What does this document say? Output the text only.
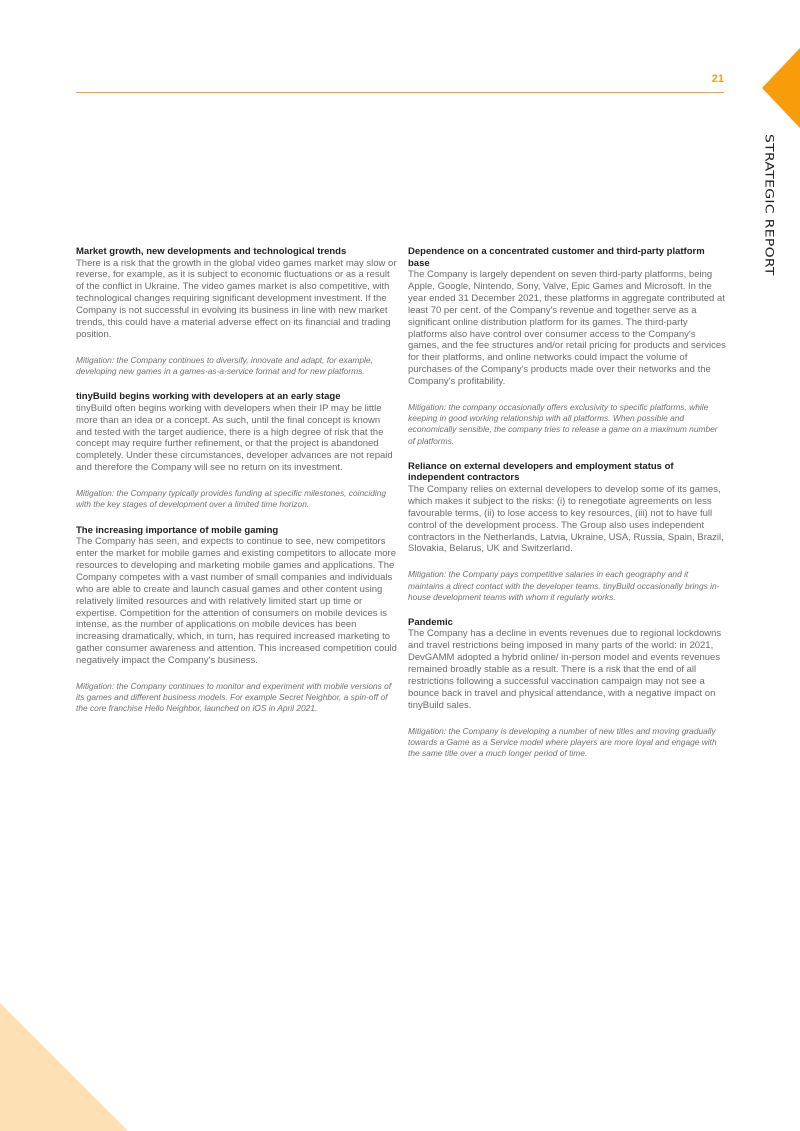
21
STRATEGIC REPORT
Market growth, new developments and technological trends

There is a risk that the growth in the global video games market may slow or reverse, for example, as it is subject to economic fluctuations or as a result of the conflict in Ukraine. The video games market is also competitive, with technological changes requiring significant development investment. If the Company is not successful in evolving its business in line with new market trends, this could have a material adverse effect on its financial and trading position.

Mitigation: the Company continues to diversify, innovate and adapt, for example, developing new games in a games-as-a-service format and for new platforms.

tinyBuild begins working with developers at an early stage

tinyBuild often begins working with developers when their IP may be little more than an idea or a concept. As such, until the final concept is known and tested with the target audience, there is a high degree of risk that the concept may require further refinement, or that the project is abandoned completely. Under these circumstances, developer advances are not repaid and therefore the Company will see no return on its investment.

Mitigation: the Company typically provides funding at specific milestones, coinciding with the key stages of development over a limited time horizon.

The increasing importance of mobile gaming

The Company has seen, and expects to continue to see, new competitors enter the market for mobile games and existing competitors to allocate more resources to developing and marketing mobile games and applications. The Company competes with a vast number of small companies and individuals who are able to create and launch casual games and other content using relatively limited resources and with relatively limited start up time or expertise. Competition for the attention of consumers on mobile devices is intense, as the number of applications on mobile devices has been increasing dramatically, which, in turn, has required increased marketing to gather consumer awareness and attention. This increased competition could negatively impact the Company's business.

Mitigation: the Company continues to monitor and experiment with mobile versions of its games and different business models. For example Secret Neighbor, a spin-off of the core franchise Hello Neighbor, launched on iOS in April 2021.

Dependence on a concentrated customer and third-party platform base

The Company is largely dependent on seven third-party platforms, being Apple, Google, Nintendo, Sony, Valve, Epic Games and Microsoft. In the year ended 31 December 2021, these platforms in aggregate contributed at least 70 per cent. of the Company's revenue and together serve as a significant online distribution platform for its games. The third-party platforms also have control over consumer access to the Company's games, and the fee structures and/or retail pricing for products and services for their platforms, and online networks could impact the volume of purchases of the Company's products made over their networks and the Company's profitability.

Mitigation: the company occasionally offers exclusivity to specific platforms, while keeping in good working relationship with all platforms. When possible and economically sensible, the company tries to release a game on a maximum number of platforms.

Reliance on external developers and employment status of independent contractors

The Company relies on external developers to develop some of its games, which makes it subject to the risks: (i) to renegotiate agreements on less favourable terms, (ii) to lose access to key resources, (iii) not to have full control of the development process. The Group also uses independent contractors in the Netherlands, Latvia, Ukraine, USA, Russia, Spain, Brazil, Slovakia, Belarus, UK and Switzerland.

Mitigation: the Company pays competitive salaries in each geography and it maintains a direct contact with the developer teams. tinyBuild occasionally brings in-house development teams with whom it regularly works.

Pandemic

The Company has a decline in events revenues due to regional lockdowns and travel restrictions being imposed in many parts of the world: in 2021, DevGAMM adopted a hybrid online/ in-person model and events revenues remained broadly stable as a result. There is a risk that the end of all restrictions following a successful vaccination campaign may not see a bounce back in travel and physical attendance, with a negative impact on tinyBuild sales.

Mitigation: the Company is developing a number of new titles and moving gradually towards a Game as a Service model where players are more loyal and engage with the same title over a much longer period of time.
